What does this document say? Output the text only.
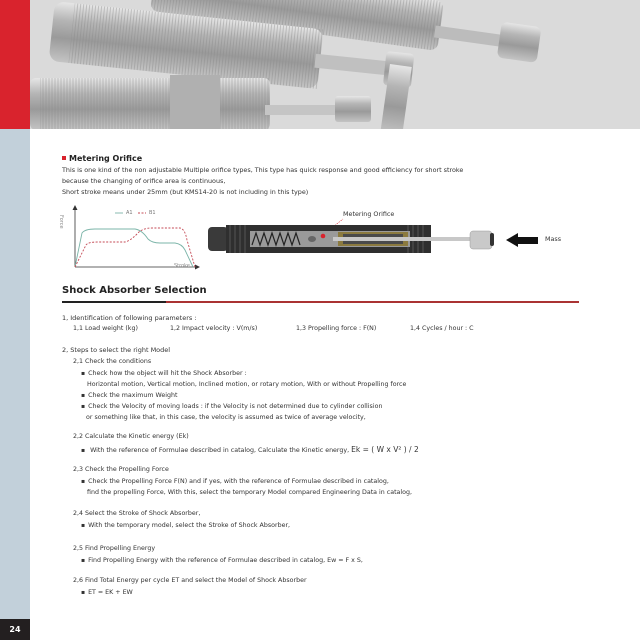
24
Metering Orifice
This is one kind of the non adjustable Multiple orifice types, This type has quick response and good efficiency for short stroke
because the changing of orifice area is continuous,
Short stroke means under 25mm (but KMS14-20 is not including in this type)
A1	B1
Force
Stroke
Metering Orifice
Mass
Shock Absorber Selection
1, Identification of following parameters :
1,1 Load weight (kg)	1,2 Impact velocity : V(m/s)	1,3 Propelling force : F(N)	1,4 Cycles / hour : C
2, Steps to select the right Model
2,1 Check the conditions
▪ Check how the object will hit the Shock Absorber :
Horizontal motion, Vertical motion, Inclined motion, or rotary motion, With or without Propelling force
▪ Check the maximum Weight
▪ Check the Velocity of moving loads : if the Velocity is not determined due to cylinder collision
or something like that, in this case, the velocity is assumed as twice of average velocity,
2,2 Calculate the Kinetic energy (Ek)
▪ With the reference of Formulae described in catalog, Calculate the Kinetic energy, Ek = ( W x V² ) / 2
2,3 Check the Propelling Force
▪ Check the Propelling Force F(N) and if yes, with the reference of Formulae described in catalog,
find the propelling Force, With this, select the temporary Model compared Engineering Data in catalog,
2,4 Select the Stroke of Shock Absorber,
▪ With the temporary model, select the Stroke of Shock Absorber,
2,5 Find Propelling Energy
▪ Find Propelling Energy with the reference of Formulae described in catalog, Ew = F x S,
2,6 Find Total Energy per cycle ET and select the Model of Shock Absorber
▪ ET = EK + EW
